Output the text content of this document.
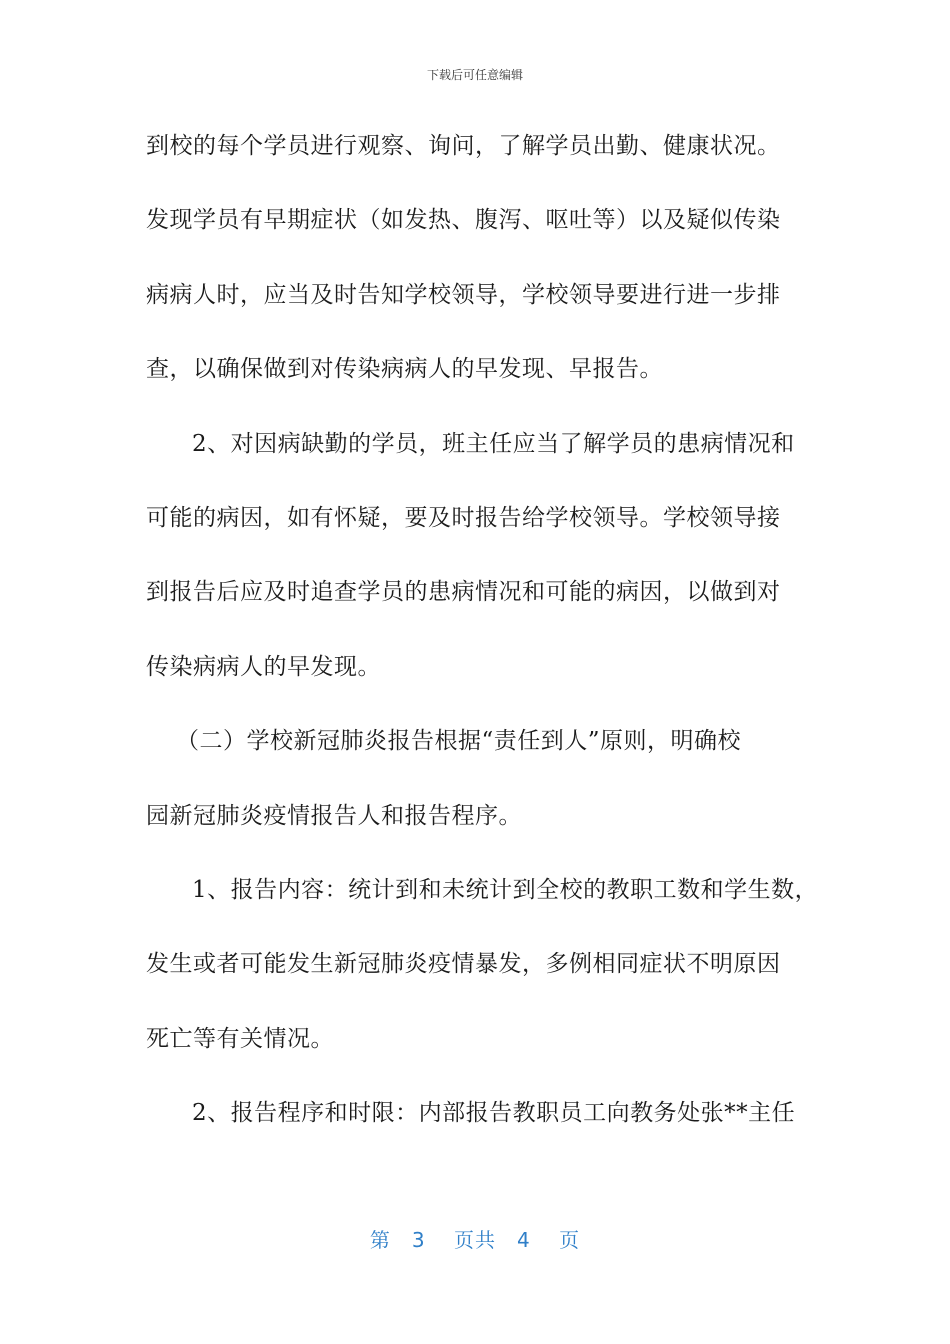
下载后可任意编辑
到校的每个学员进行观察、询问，了解学员出勤、健康状况。
发现学员有早期症状（如发热、腹泻、呕吐等）以及疑似传染
病病人时，应当及时告知学校领导，学校领导要进行进一步排
查，以确保做到对传染病病人的早发现、早报告。
2、对因病缺勤的学员，班主任应当了解学员的患病情况和
可能的病因，如有怀疑，要及时报告给学校领导。学校领导接
到报告后应及时追查学员的患病情况和可能的病因，以做到对
传染病病人的早发现。
（二）学校新冠肺炎报告根据“责任到人”原则，明确校
园新冠肺炎疫情报告人和报告程序。
1、报告内容：统计到和未统计到全校的教职工数和学生数，
发生或者可能发生新冠肺炎疫情暴发，多例相同症状不明原因
死亡等有关情况。
2、报告程序和时限：内部报告教职员工向教务处张**主任
第　3　 页共　4　 页
